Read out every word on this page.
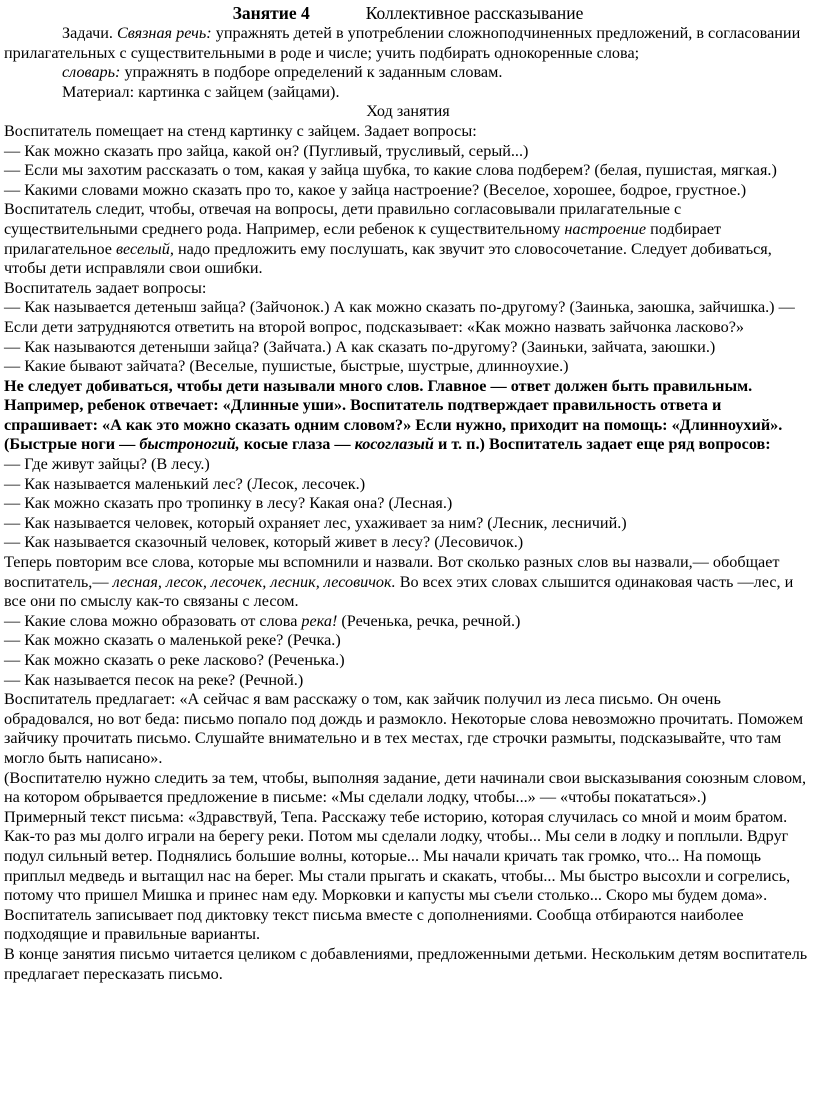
Занятие 4	Коллективное рассказывание

Задачи. Связная речь: упражнять детей в употреблении сложноподчиненных предложений, в согласовании прилагательных с существительными в роде и числе; учить подбирать однокоренные слова;

словарь: упражнять в подборе определений к заданным словам.

Материал: картинка с зайцем (зайцами).

Ход занятия

Воспитатель помещает на стенд картинку с зайцем. Задает вопросы:

— Как можно сказать про зайца, какой он? (Пугливый, трусливый, серый...)

— Если мы захотим рассказать о том, какая у зайца шубка, то какие слова подберем? (белая, пушистая, мягкая.)

— Какими словами можно сказать про то, какое у зайца настроение? (Веселое, хорошее, бодрое, грустное.)

Воспитатель следит, чтобы, отвечая на вопросы, дети правильно согласовывали прилагательные с существительными среднего рода. Например, если ребенок к существительному настроение подбирает прилагательное веселый, надо предложить ему послушать, как звучит это словосочетание. Следует добиваться, чтобы дети исправляли свои ошибки.

Воспитатель задает вопросы:

— Как называется детеныш зайца? (Зайчонок.) А как можно сказать по-другому? (Заинька, заюшка, зайчишка.) — Если дети затрудняются ответить на второй вопрос, подсказывает: «Как можно назвать зайчонка ласково?»

— Как называются детеныши зайца? (Зайчата.) А как сказать по-другому? (Заиньки, зайчата, заюшки.)

— Какие бывают зайчата? (Веселые, пушистые, быстрые, шустрые, длинноухие.)

Не следует добиваться, чтобы дети называли много слов. Главное — ответ должен быть правильным. Например, ребенок отвечает: «Длинные уши». Воспитатель подтверждает правильность ответа и спрашивает: «А как это можно сказать одним словом?» Если нужно, приходит на помощь: «Длинноухий». (Быстрые ноги — быстроногий, косые глаза — косоглазый и т. п.) Воспитатель задает еще ряд вопросов:

— Где живут зайцы? (В лесу.)

— Как называется маленький лес? (Лесок, лесочек.)

— Как можно сказать про тропинку в лесу? Какая она? (Лесная.)

— Как называется человек, который охраняет лес, ухаживает за ним? (Лесник, лесничий.)

— Как называется сказочный человек, который живет в лесу? (Лесовичок.)

Теперь повторим все слова, которые мы вспомнили и назвали. Вот сколько разных слов вы назвали,— обобщает воспитатель,— лесная, лесок, лесочек, лесник, лесовичок. Во всех этих словах слышится одинаковая часть —лес, и все они по смыслу как-то связаны с лесом.

— Какие слова можно образовать от слова река! (Реченька, речка, речной.)

— Как можно сказать о маленькой реке? (Речка.)

— Как можно сказать о реке ласково? (Реченька.)

— Как называется песок на реке? (Речной.)

Воспитатель предлагает: «А сейчас я вам расскажу о том, как зайчик получил из леса письмо. Он очень обрадовался, но вот беда: письмо попало под дождь и размокло. Некоторые слова невозможно прочитать. Поможем зайчику прочитать письмо. Слушайте внимательно и в тех местах, где строчки размыты, подсказывайте, что там могло быть написано».

(Воспитателю нужно следить за тем, чтобы, выполняя задание, дети начинали свои высказывания союзным словом, на котором обрывается предложение в письме: «Мы сделали лодку, чтобы...» — «чтобы покататься».)

Примерный текст письма: «Здравствуй, Тепа. Расскажу тебе историю, которая случилась со мной и моим братом. Как-то раз мы долго играли на берегу реки. Потом мы сделали лодку, чтобы... Мы сели в лодку и поплыли. Вдруг подул сильный ветер. Поднялись большие волны, которые... Мы начали кричать так громко, что... На помощь приплыл медведь и вытащил нас на берег. Мы стали прыгать и скакать, чтобы... Мы быстро высохли и согрелись, потому что пришел Мишка и принес нам еду. Морковки и капусты мы съели столько... Скоро мы будем дома».

Воспитатель записывает под диктовку текст письма вместе с дополнениями. Сообща отбираются наиболее подходящие и правильные варианты.

В конце занятия письмо читается целиком с добавлениями, предложенными детьми. Нескольким детям воспитатель предлагает пересказать письмо.
